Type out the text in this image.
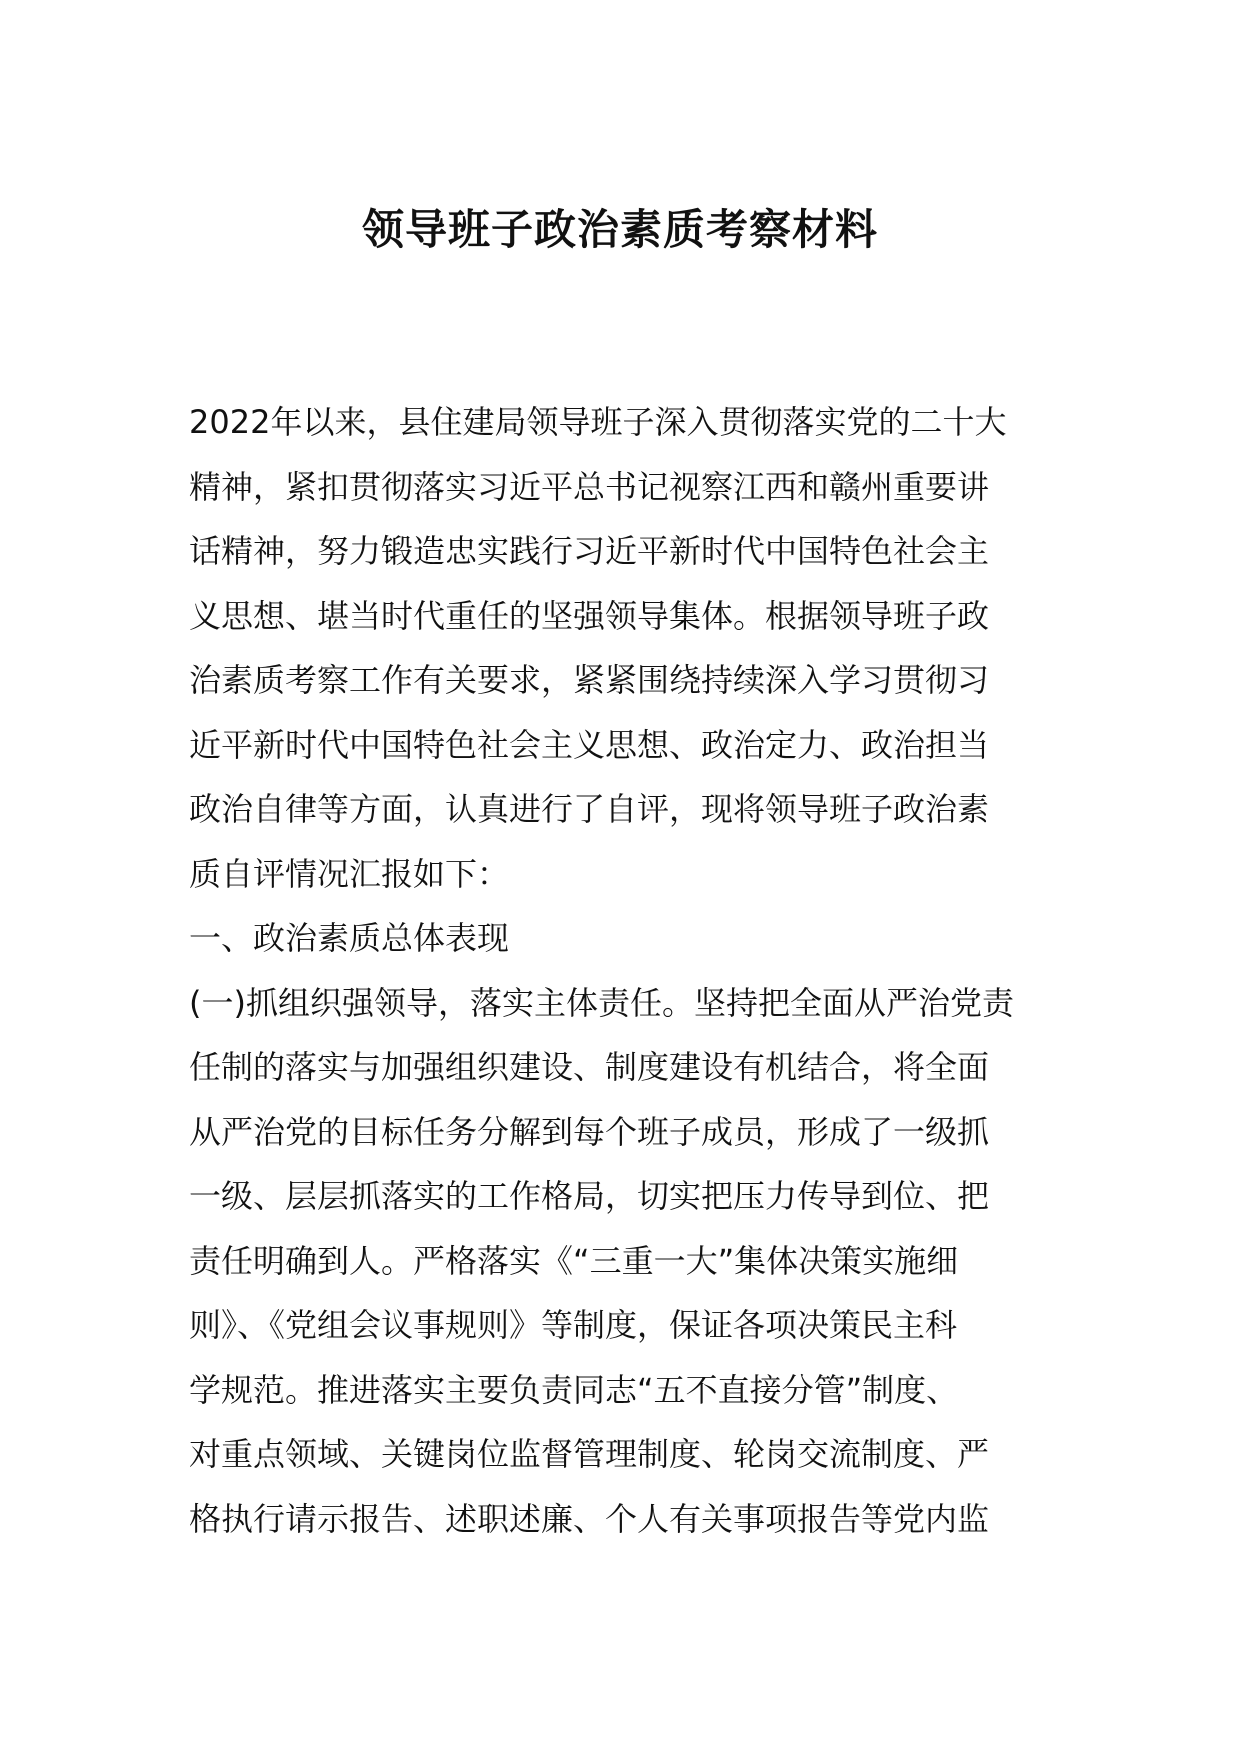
领导班子政治素质考察材料
2022年以来，县住建局领导班子深入贯彻落实党的二十大
精神，紧扣贯彻落实习近平总书记视察江西和赣州重要讲
话精神，努力锻造忠实践行习近平新时代中国特色社会主
义思想、堪当时代重任的坚强领导集体。根据领导班子政
治素质考察工作有关要求，紧紧围绕持续深入学习贯彻习
近平新时代中国特色社会主义思想、政治定力、政治担当
政治自律等方面，认真进行了自评，现将领导班子政治素
质自评情况汇报如下：
一、政治素质总体表现
(一)抓组织强领导，落实主体责任。坚持把全面从严治党责
任制的落实与加强组织建设、制度建设有机结合，将全面
从严治党的目标任务分解到每个班子成员，形成了一级抓
一级、层层抓落实的工作格局，切实把压力传导到位、把
责任明确到人。严格落实《“三重一大”集体决策实施细
则》、《党组会议事规则》等制度，保证各项决策民主科
学规范。推进落实主要负责同志“五不直接分管”制度、
对重点领域、关键岗位监督管理制度、轮岗交流制度、严
格执行请示报告、述职述廉、个人有关事项报告等党内监
